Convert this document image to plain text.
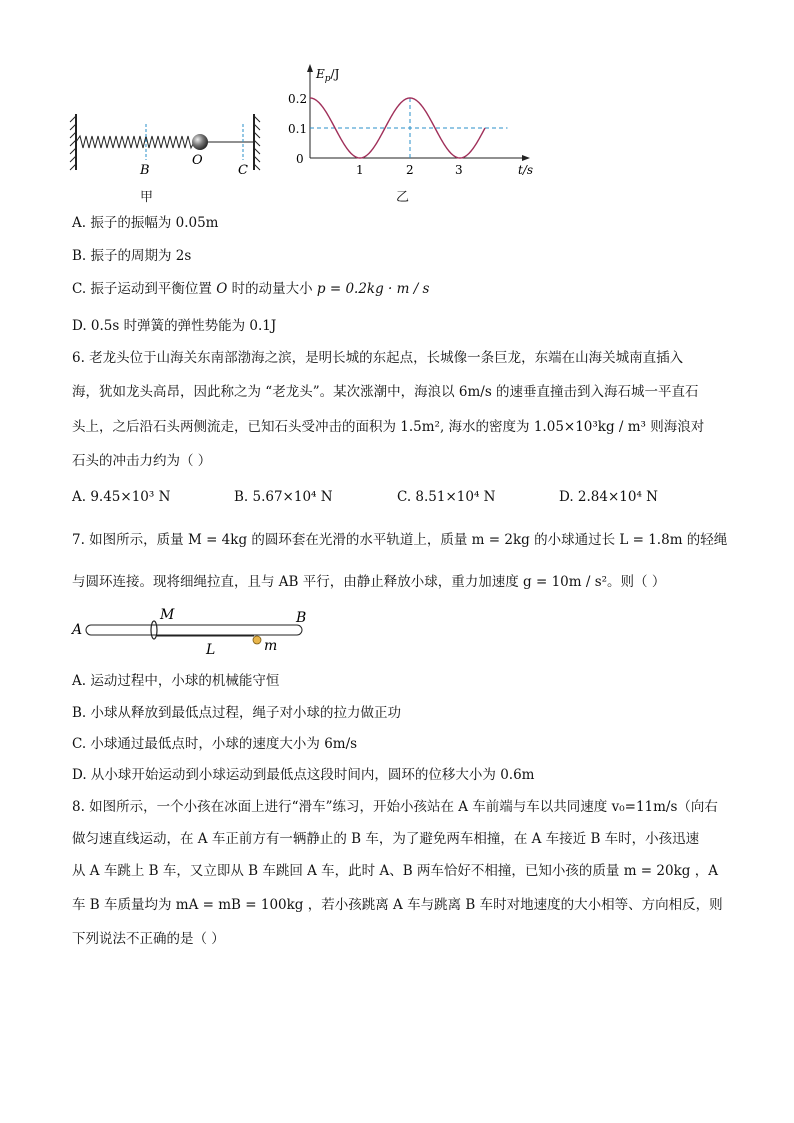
B
O
C
甲
$E_p/J$
t/s
0.2
0.1
0
1	2	3
乙
A. 振子的振幅为 0.05m
B. 振子的周期为 2s
C. 振子运动到平衡位置 O 时的动量大小 p = 0.2kg · m / s
D. 0.5s 时弹簧的弹性势能为 0.1J
6. 老龙头位于山海关东南部渤海之滨，是明长城的东起点，长城像一条巨龙，东端在山海关城南直插入
海，犹如龙头高昂，因此称之为 “老龙头”。某次涨潮中，海浪以 6m/s 的速垂直撞击到入海石城一平直石
头上，之后沿石头两侧流走，已知石头受冲击的面积为 1.5m², 海水的密度为 1.05×10³kg / m³ 则海浪对
石头的冲击力约为（ ）
A. 9.45×10³ N	B. 5.67×10⁴ N	C. 8.51×10⁴ N	D. 2.84×10⁴ N
7. 如图所示，质量 M = 4kg 的圆环套在光滑的水平轨道上，质量 m = 2kg 的小球通过长 L = 1.8m 的轻绳
与圆环连接。现将细绳拉直，且与 AB 平行，由静止释放小球，重力加速度 g = 10m / s²。则（ ）
A
B
M
L	m
A. 运动过程中，小球的机械能守恒
B. 小球从释放到最低点过程，绳子对小球的拉力做正功
C. 小球通过最低点时，小球的速度大小为 6m/s
D. 从小球开始运动到小球运动到最低点这段时间内，圆环的位移大小为 0.6m
8. 如图所示，一个小孩在冰面上进行“滑车”练习，开始小孩站在 A 车前端与车以共同速度 v₀=11m/s（向右
做匀速直线运动，在 A 车正前方有一辆静止的 B 车，为了避免两车相撞，在 A 车接近 B 车时，小孩迅速
从 A 车跳上 B 车，又立即从 B 车跳回 A 车，此时 A、B 两车恰好不相撞，已知小孩的质量 m = 20kg ，A
车 B 车质量均为 mA = mB = 100kg ，若小孩跳离 A 车与跳离 B 车时对地速度的大小相等、方向相反，则
下列说法不正确的是（ ）
